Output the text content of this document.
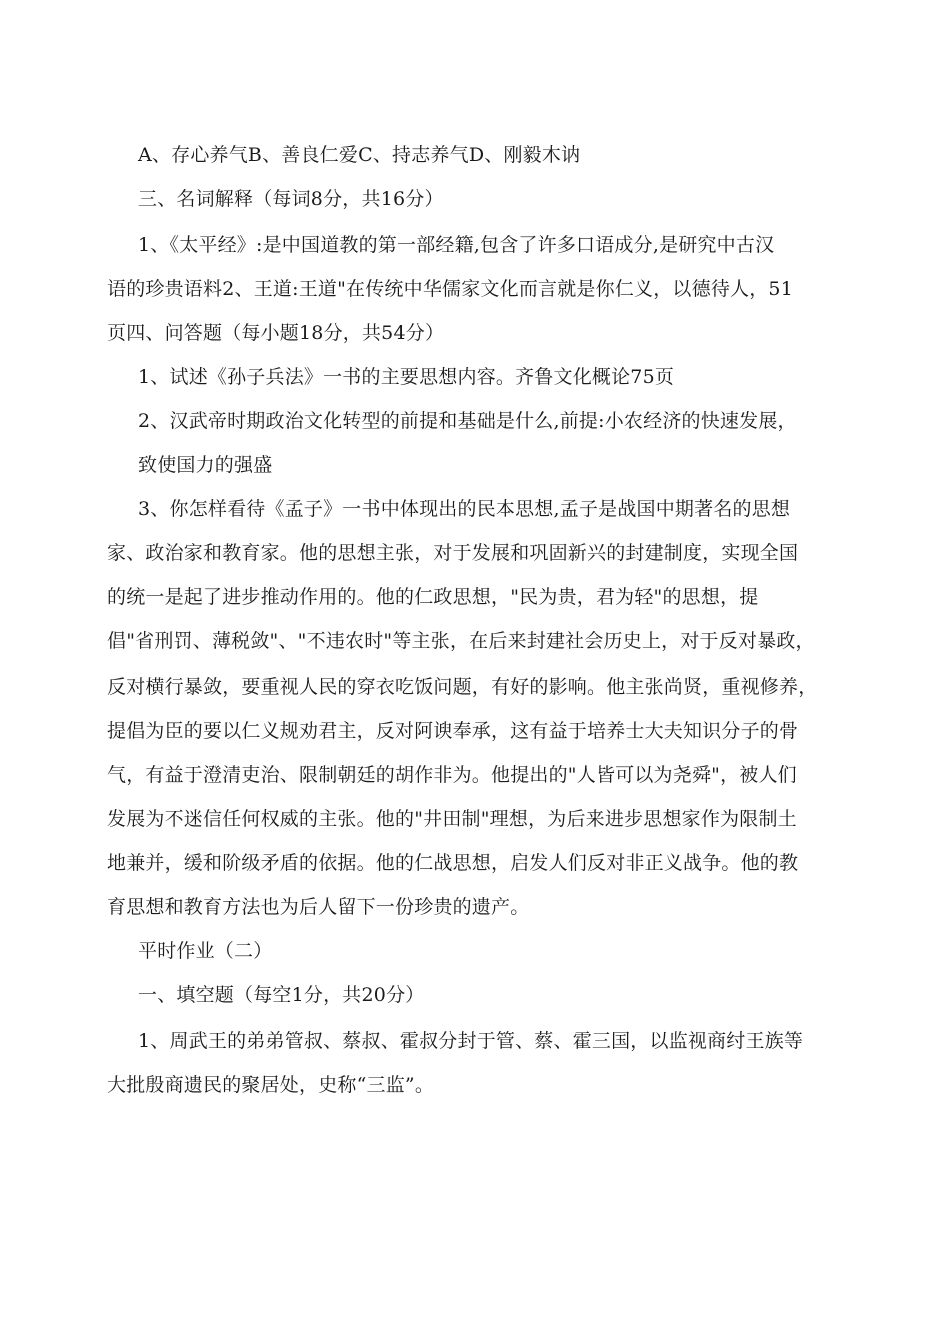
A、存心养气B、善良仁爱C、持志养气D、刚毅木讷
三、名词解释（每词8分，共16分）
1、《太平经》:是中国道教的第一部经籍,包含了许多口语成分,是研究中古汉
语的珍贵语料2、王道:王道"在传统中华儒家文化而言就是你仁义，以德待人，51
页四、问答题（每小题18分，共54分）
1、试述《孙子兵法》一书的主要思想内容。齐鲁文化概论75页
2、汉武帝时期政治文化转型的前提和基础是什么,前提:小农经济的快速发展，
致使国力的强盛
3、你怎样看待《孟子》一书中体现出的民本思想,孟子是战国中期著名的思想
家、政治家和教育家。他的思想主张，对于发展和巩固新兴的封建制度，实现全国
的统一是起了进步推动作用的。他的仁政思想，"民为贵，君为轻"的思想，提
倡"省刑罚、薄税敛"、"不违农时"等主张，在后来封建社会历史上，对于反对暴政，
反对横行暴敛，要重视人民的穿衣吃饭问题，有好的影响。他主张尚贤，重视修养，
提倡为臣的要以仁义规劝君主，反对阿谀奉承，这有益于培养士大夫知识分子的骨
气，有益于澄清吏治、限制朝廷的胡作非为。他提出的"人皆可以为尧舜"，被人们
发展为不迷信任何权威的主张。他的"井田制"理想，为后来进步思想家作为限制土
地兼并，缓和阶级矛盾的依据。他的仁战思想，启发人们反对非正义战争。他的教
育思想和教育方法也为后人留下一份珍贵的遗产。
平时作业（二）
一、填空题（每空1分，共20分）
1、周武王的弟弟管叔、蔡叔、霍叔分封于管、蔡、霍三国，以监视商纣王族等
大批殷商遗民的聚居处，史称“三监”。
